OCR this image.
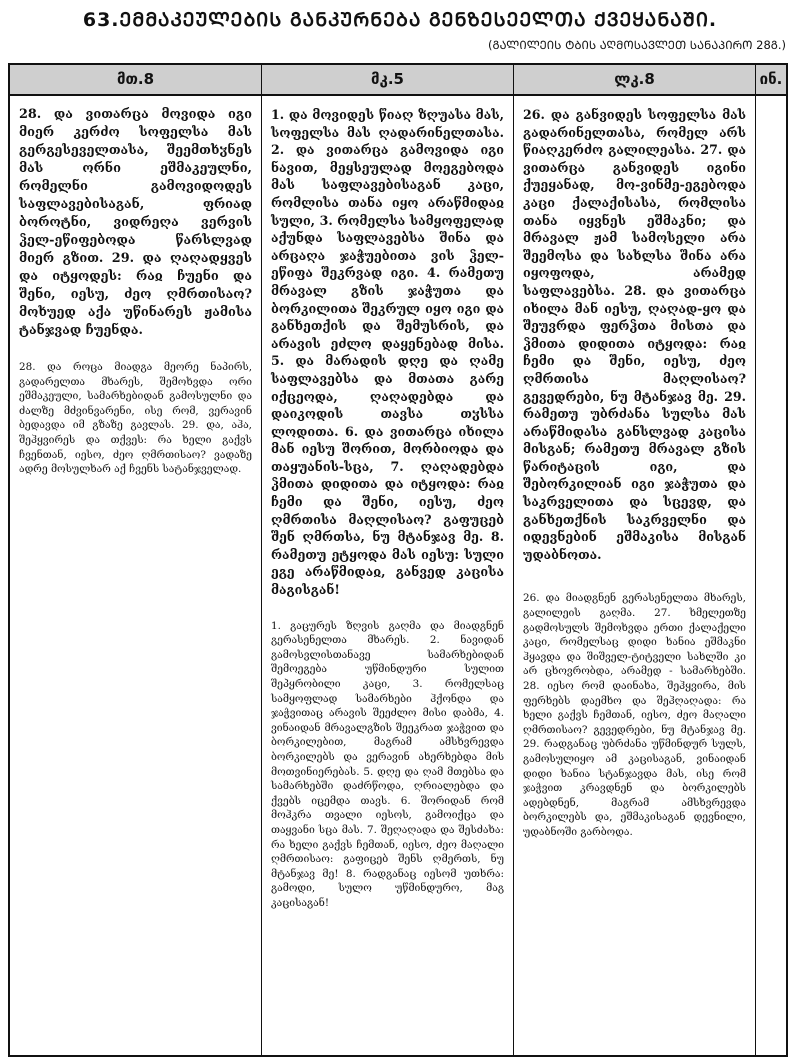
63.ᲔᲛᲛᲐᲙᲔᲣᲚᲔᲑᲘᲡ ᲒᲐᲜᲙᲣᲠᲜᲔᲑᲐ ᲒᲔᲜᲖᲔᲡᲔᲔᲚᲗᲐ ᲥᲕᲔᲧᲐᲜᲐᲨᲘ.
(ᲒᲐᲚᲘᲚᲔᲘᲡ ᲢᲑᲘᲡ ᲐᲦᲛᲝᲡᲐᲕᲚᲔᲗ ᲡᲐᲜᲐᲞᲘᲠᲝ 28Გ.)
მთ.8

28. და ვითარცა მოვიდა იგი მიერ კერძო სოფელსა მას გერგესეველთასა, შეემთხჳნეს მას ორნი ეშმაკეულნი, რომელნი გამოვიდოდეს საფლავებისაგან, ფრიად ბოროტნი, ვიდრეღა ვერვის ჴელ-ეწიფებოდა წარსლვად მიერ გზით. 29. და ღაღადყვეს და იტყოდეს: რაჲ ჩუენი და შენი, იესუ, ძეო ღმრთისაო? მოხუედ აქა უწინარეს ჟამისა ტანჯვად ჩუენდა.

28. და როცა მიადგა მეორე ნაპირს, გადარელთა მხარეს, შემოხვდა ორი ეშმაკეული, სამარხებიდან გამოსულნი და ძალზე მძვინვარენი, ისე რომ, ვერავინ ბედავდა იმ გზაზე გავლას. 29. და, აჰა, შეჰყვირეს და თქვეს: რა ხელი გაქვს ჩვენთან, იესო, ძეო ღმრთისაო? ვადაზე ადრე მოსულხარ აქ ჩვენს სატანჯველად.

მკ.5

1. და მოვიდეს წიაღ ზღუასა მას, სოფელსა მას ღადარინელთასა. 2. და ვითარცა გამოვიდა იგი ნავით, მეყსეულად მოეგებოდა მას საფლავებისაგან კაცი, რომლისა თანა იყო არაწმიდაჲ სული, 3. რომელსა სამყოფელად აქუნდა საფლავებსა შინა და არცაღა ჯაჭუებითა ვის ჴელ-ეწიფა შეკრვად იგი. 4. რამეთუ მრავალ გზის ჯაჭუთა და ბორკილითა შეკრულ იყო იგი და განხეთქის და შემუსრის, და არავის ეძლო დაყენებად მისა. 5. და მარადის დღე და ღამე საფლავებსა და მთათა გარე იქცეოდა, ღაღადებდა და დაიკოდის თავსა თჳსსა ლოდითა. 6. და ვითარცა იხილა მან იესუ შორით, მორბიოდა და თაყუანის-სცა, 7. ღაღადებდა ჴმითა დიდითა და იტყოდა: რაჲ ჩემი და შენი, იესუ, ძეო ღმრთისა მაღლისაო? გაფუცებ შენ ღმრთსა, ნუ მტანჯავ მე. 8. რამეთუ ეტყოდა მას იესუ: სული ეგე არაწმიდაჲ, განვედ კაცისა მაგისგან!

1. გაცურეს ზღვის გაღმა და მიადგნენ გერასენელთა მხარეს. 2. ნავიდან გამოსვლისთანავე სამარხებიდან შემოეგება უწმინდური სულით შეპყრობილი კაცი, 3. რომელსაც სამყოფლად სამარხები ჰქონდა და ჯაჭვითაც არავის შეეძლო მისი დაბმა, 4. ვინაიდან მრავალგზის შეეკრათ ჯაჭვით და ბორკილებით, მაგრამ ამსხვრევდა ბორკილებს და ვერავინ ახერხებდა მის მოთვინიერებას. 5. დღე და ღამ მთებსა და სამარხებში დაძრწოდა, ღრიალებდა და ქვებს იცემდა თავს. 6. შორიდან რომ მოჰკრა თვალი იესოს, გამოიქცა და თაყვანი სცა მას. 7. შეღაღადა და შესძახა: რა ხელი გაქვს ჩემთან, იესო, ძეო მაღალი ღმრთისაო: გაფიცებ შენს ღმერთს, ნუ მტანჯავ მე! 8. რადგანაც იესომ უთხრა: გამოდი, სულო უწმინდურო, მაგ კაცისაგან!

ლკ.8

26. და განვიდეს სოფელსა მას გადარინელთასა, რომელ არს წიაღკერძო გალილეასა. 27. და ვითარცა განვიდეს იგინი ქუეყანად, მო-ვინმე-ეგებოდა კაცი ქალაქისასა, რომლისა თანა იყვნეს ეშმაკნი; და მრავალ ჟამ სამოსელი არა შეემოსა და სახლსა შინა არა იყოფოდა, არამედ საფლავებსა. 28. და ვითარცა იხილა მან იესუ, ღაღად-ყო და შეუვრდა ფერჴთა მისთა და ჴმითა დიდითა იტყოდა: რაჲ ჩემი და შენი, იესუ, ძეო ღმრთისა მაღლისაო? გევედრები, ნუ მტანჯავ მე. 29. რამეთუ უბრძანა სულსა მას არაწმიდასა განსლვად კაცისა მისგან; რამეთუ მრავალ გზის წარიტაცის იგი, და შებორკილიან იგი ჯაჭუთა და საკრველითა და სცევდ, და განხეთქნის საკრველნი და იდევნებინ ეშმაკისა მისგან უდაბნოთა.

26. და მიადგნენ გერასენელთა მხარეს, გალილეის გაღმა. 27. ხმელეთზე გადმოსულს შემოხვდა ერთი ქალაქელი კაცი, რომელსაც დიდი ხანია ეშმაკნი ჰყავდა და შიშველ-ტიტველი სახლში კი არ ცხოვრობდა, არამედ - სამარხებში. 28. იესო რომ დაინახა, შეჰყვირა, მის ფერხებს დაემხო და შეჰღაღადა: რა ხელი გაქვს ჩემთან, იესო, ძეო მაღალი ღმრთისაო? გევედრები, ნუ მტანჯავ მე. 29. რადგანაც უბრძანა უწმინდურ სულს, გამოსულიყო ამ კაცისაგან, ვინაიდან დიდი ხანია სტანჯავდა მას, ისე რომ ჯაჭვით კრავდნენ და ბორკილებს ადებდნენ, მაგრამ ამსხვრევდა ბორკილებს და, ეშმაკისაგან დევნილი, უდაბნოში გარბოდა.

ინ.
